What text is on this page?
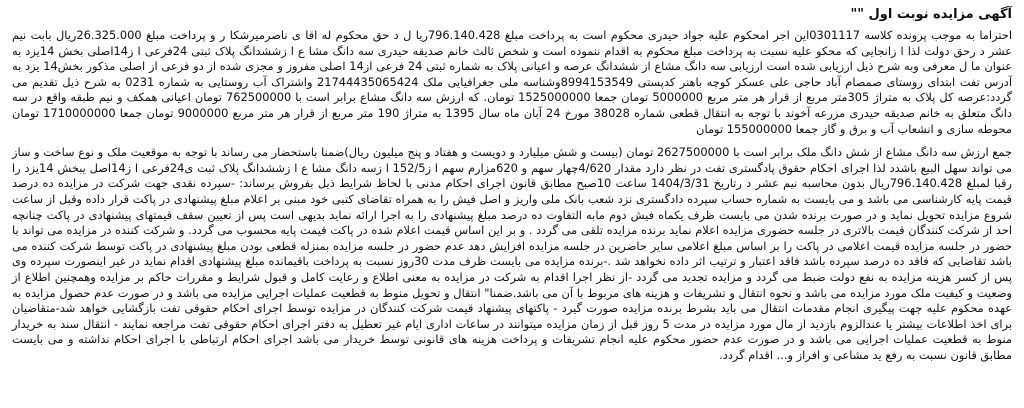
آگهی مزایده نوبت اول ""

احتراما به موجب پرونده کلاسه 0301117این اجر امحکوم علیه جواد حیدری محکوم است به پرداخت مبلغ 796.140.428ریا ل د حق محکوم له اقا ی ناصرمیرشکا ر و پرداخت مبلغ 26.325.000ریال بابت نیم عشر د رحق دولت لذا ا زانجایی که محکو علیه نسبت به پرداخت مبلغ محکوم به اقدام ننموده است و شخص ثالث خانم صدیقه حیدری سه دانگ مشا ع ا زششدانگ پلاک ثبتی 24فرعی ا ز14اصلی بخش 14یزد به عنوان ما ل معرفی وبه شرح ذیل ارزیابی شده است ارزیابی سه دانگ مشاع از ششدانگ عرصه و اعیانی پلاک به شماره ثبتی 24 فرعی از14 اصلی مفروز و مجزی شده از دو فرعی از اصلی مذکور بخش14 یزد به آدرس تفت ابتدای روستای صمصام آباد حاجی علی عسکر کوچه باهنر کدپستی 8994153549وشناسه ملی جغرافیایی ملک 21744435065424 واشتراک آب روستایی به شماره 0231 به شرح ذیل تقدیم می گردد:عرصه کل پلاک به متراژ 305متر مربع از قرار هر متر مربع 5000000 تومان جمعا 1525000000 تومان. که ارزش سه دانگ مشاع برابر است با 762500000 تومان اعیانی همکف و نیم طبقه واقع در سه دانگ متعلق به خانم صدیقه حیدری مزرعه آخوند با توجه به انتقال قطعی شماره 38028 مورخ 24 آبان ماه سال 1395 به متراژ 190 متر مربع از قرار هر متر مربع 9000000 تومان جمعا 1710000000 تومان محوطه سازی و انشعاب آب و برق و گاز جمعا 155000000 تومان

جمع ارزش سه دانگ مشاع از شش دانگ ملک برابر است با 2627500000 تومان (بیست و شش میلیارد و دویست و هفتاد و پنج میلیون ریال)ضمنا باستحضار می رساند با توجه به موقعیت ملک و نوع ساخت و ساز می تواند سهل البیع باشدد لذا اجرای احکام حقوق پادگستری تفت در نظر دارد مقدار 4/620چهار سهم و 620مزارم سهم ا ز152/5 ا زسه دانگ مشا ع ا زششدانگ پلاک ثبت ی24فرعی ا ز14اصل یبخش 14یزد را رقبا لمبلغ 796.140.428ریال بدون محاسبه نیم عشر د رتاریخ 1404/3/31 ساعت 10صبح مطابق قانون اجرای احکام مدنی با لحاظ شرایط ذیل بفروش برساند: -سپرده نقدی جهت شرکت در مزایده ده درصد قیمت پایه کارشناسی می باشد و می بایست به شماره حساب سپرده دادگستری نزد شعب بانک ملی واریز و اصل فیش را به همراه تقاضای کتبی خود مبنی بر اعلام مبلغ پیشنهادی در پاکت قرار داده وقبل از ساعت شروع مزایده تحویل نماید و در صورت برنده شدن می بایست ظرف یکماه فیش دوم مابه التفاوت ده درصد مبلغ پیشنهادی را به اجرا ارائه نماید بدیهی است پس از تعیین سقف قیمتهای پیشنهادی در پاکت چنانچه احد از شرکت کنندگان قیمت بالاتری در جلسه حضوری مزایده اعلام نماید برنده مزایده تلقی می گردد . و بر این اساس قیمت اعلام شده در پاکت قیمت پایه محسوب می گردد. و شرکت کننده در مزایده می تواند با حضور در جلسه مزایده قیمت اعلامی در پاکت را بر اساس مبلغ اعلامی سایر حاضرین در جلسه مزایده افزایش دهد عدم حضور در جلسه مزایده بمنزله قطعی بودن مبلغ پیشنهادی در پاکت توسط شرکت کننده می باشد تقاضایی که فاقد ده درصد سپرده باشد فاقد اعتبار و ترتیب اثر داده نخواهد شد .-برنده مزایده می بایست ظرف مدت 30روز نسبت به پرداخت باقیمانده مبلغ پیشنهادی اقدام نماید در غیر اینصورت سپرده وی پس از کسر هزینه مزایده به نفع دولت ضبط می گردد و مزایده تجدید می گردد -از نظر اجرا اقدام به شرکت در مزایده به معنی اطلاع و رعایت کامل و قبول شرایط و مقررات حاکم بر مزایده وهمچنین اطلاع از وضعیت و کیفیت ملک مورد مزایده می باشد و نحوه انتقال و تشریفات و هزینه های مربوط با آن می باشد.ضمنا" انتقال و تحویل منوط به قطعیت عملیات اجرایی مزایده می باشد و در صورت عدم حصول مزایده به عهده محکوم علیه جهت پیگیری انجام مقدمات انتقال می باید بشرط برنده مزایده صورت گیرد - پاکتهای پیشنهاد قیمت شرکت کنندگان در مزایده توسط اجرای احکام حقوقی تفت بازگشایی خواهد شد-متقاضیان برای اخذ اطلاعات بیشتر یا عندالزوم بازدید از مال مورد مزایده در مدت 5 روز قبل از زمان مزایده میتوانند در ساعات اداری ایام غیر تعطیل به دفتر اجرای احکام حقوقی تفت مراجعه نمایند - انتقال سند به خریدار منوط به قطعیت عملیات اجرایی می باشد و در صورت عدم حضور محکوم علیه انجام تشریفات و پرداخت هزینه های قانونی توسط خریدار می باشد اجرای احکام ارتباطی با اجرای احکام نداشته و می بایست مطابق قانون نسبت به رفع ید مشاعی و افراز و... اقدام گردد.
